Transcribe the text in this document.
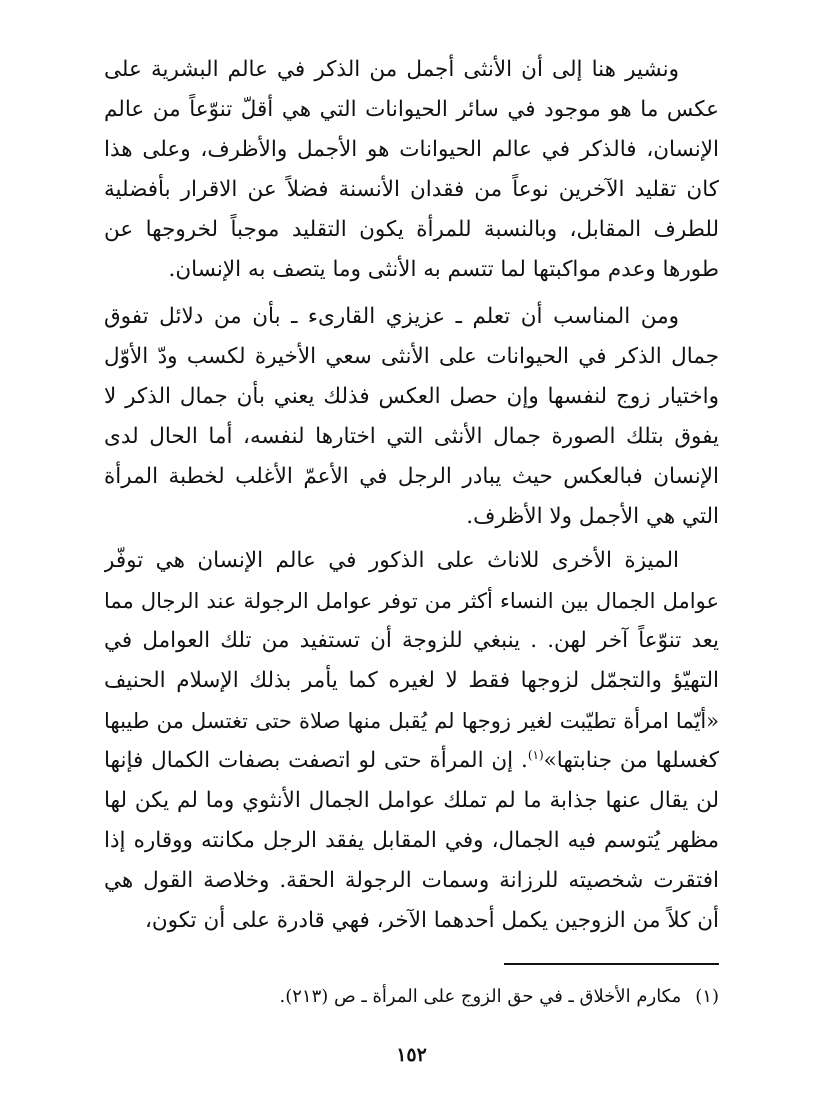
ونشير هنا إلى أن الأنثى أجمل من الذكر في عالم البشرية على
عكس ما هو موجود في سائر الحيوانات التي هي أقلّ تنوّعاً من عالم
الإنسان، فالذكر في عالم الحيوانات هو الأجمل والأظرف، وعلى هذا
كان تقليد الآخرين نوعاً من فقدان الأنسنة فضلاً عن الاقرار بأفضلية
للطرف المقابل، وبالنسبة للمرأة يكون التقليد موجباً لخروجها عن
طورها وعدم مواكبتها لما تتسم به الأنثى وما يتصف به الإنسان.
ومن المناسب أن تعلم ـ عزيزي القارىء ـ بأن من دلائل تفوق
جمال الذكر في الحيوانات على الأنثى سعي الأخيرة لكسب ودّ الأوّل
واختيار زوج لنفسها وإن حصل العكس فذلك يعني بأن جمال الذكر لا
يفوق بتلك الصورة جمال الأنثى التي اختارها لنفسه، أما الحال لدى
الإنسان فبالعكس حيث يبادر الرجل في الأعمّ الأغلب لخطبة المرأة
التي هي الأجمل ولا الأظرف.
الميزة الأخرى للاناث على الذكور في عالم الإنسان هي توفّر
عوامل الجمال بين النساء أكثر من توفر عوامل الرجولة عند الرجال مما
يعد تنوّعاً آخر لهن. . ينبغي للزوجة أن تستفيد من تلك العوامل في
التهيّؤ والتجمّل لزوجها فقط لا لغيره كما يأمر بذلك الإسلام الحنيف
«أيّما امرأة تطيّبت لغير زوجها لم يُقبل منها صلاة حتى تغتسل من طيبها
كغسلها من جنابتها»$^{(١)}$. إن المرأة حتى لو اتصفت بصفات الكمال فإنها
لن يقال عنها جذابة ما لم تملك عوامل الجمال الأنثوي وما لم يكن لها
مظهر يُتوسم فيه الجمال، وفي المقابل يفقد الرجل مكانته ووقاره إذا
افتقرت شخصيته للرزانة وسمات الرجولة الحقة. وخلاصة القول هي
أن كلاً من الزوجين يكمل أحدهما الآخر، فهي قادرة على أن تكون،
(١)مكارم الأخلاق ـ في حق الزوج على المرأة ـ ص (٢١٣).
١٥٢
